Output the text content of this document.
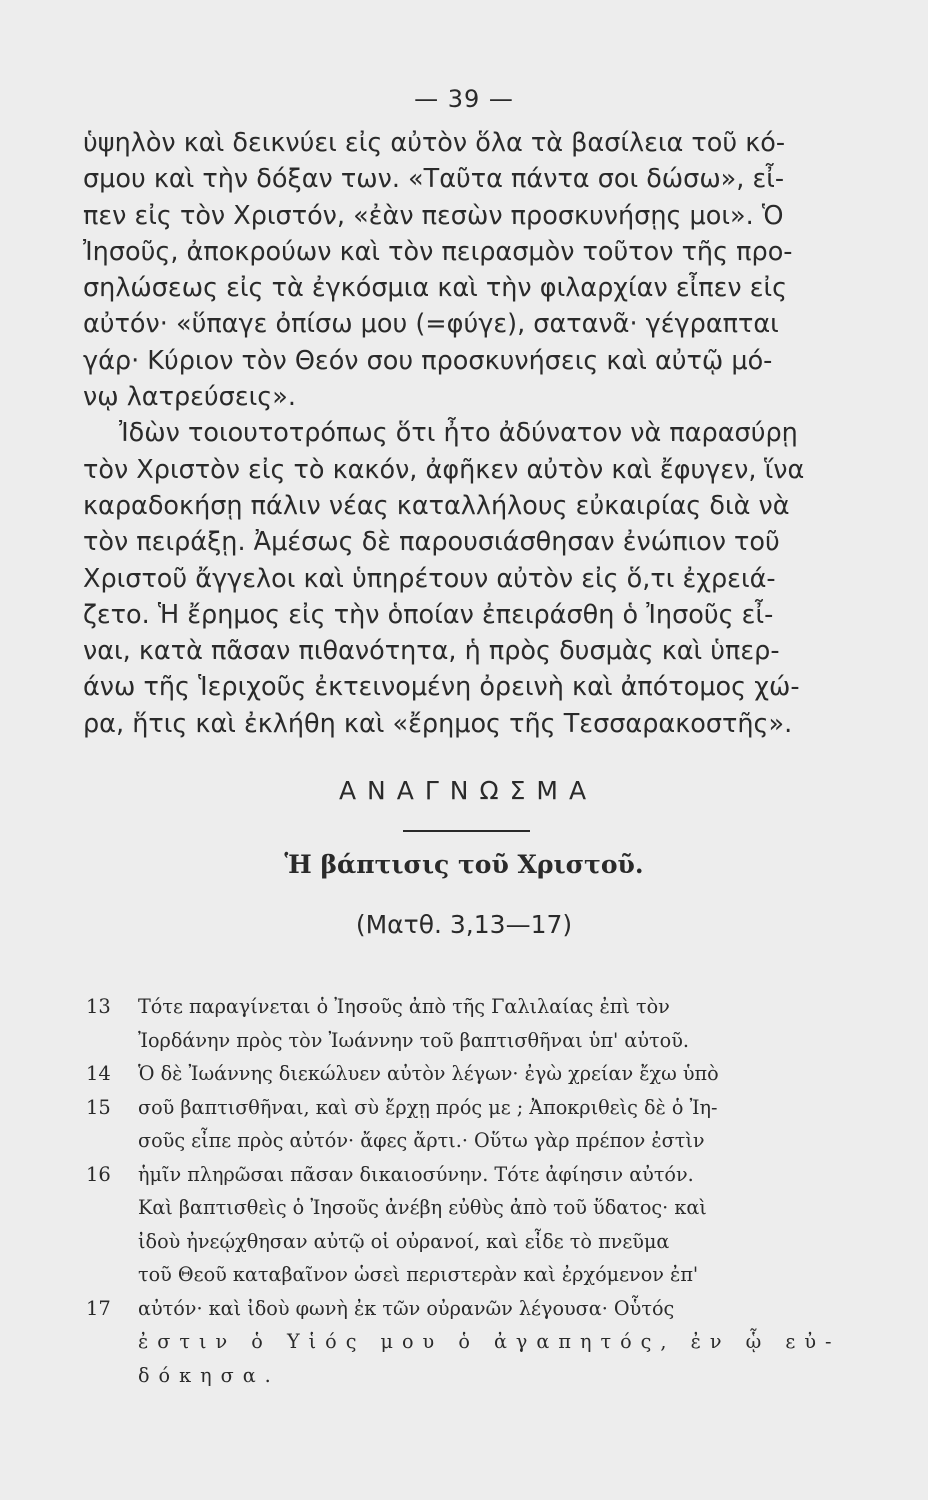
— 39 —
ὑψηλὸν καὶ δεικνύει εἰς αὐτὸν ὅλα τὰ βασίλεια τοῦ κό-
σμου καὶ τὴν δόξαν των. «Ταῦτα πάντα σοι δώσω», εἶ-
πεν εἰς τὸν Χριστόν, «ἐὰν πεσὼν προσκυνήσῃς μοι». Ὁ
Ἰησοῦς, ἀποκρούων καὶ τὸν πειρασμὸν τοῦτον τῆς προ-
σηλώσεως εἰς τὰ ἐγκόσμια καὶ τὴν φιλαρχίαν εἶπεν εἰς
αὐτόν· «ὕπαγε ὀπίσω μου (=φύγε), σατανᾶ· γέγραπται
γάρ· Κύριον τὸν Θεόν σου προσκυνήσεις καὶ αὐτῷ μό-
νῳ λατρεύσεις».
Ἰδὼν τοιουτοτρόπως ὅτι ἦτο ἀδύνατον νὰ παρασύρῃ
τὸν Χριστὸν εἰς τὸ κακόν, ἀφῆκεν αὐτὸν καὶ ἔφυγεν, ἵνα
καραδοκήσῃ πάλιν νέας καταλλήλους εὐκαιρίας διὰ νὰ
τὸν πειράξῃ. Ἀμέσως δὲ παρουσιάσθησαν ἐνώπιον τοῦ
Χριστοῦ ἄγγελοι καὶ ὑπηρέτουν αὐτὸν εἰς ὅ,τι ἐχρειά-
ζετο. Ἡ ἔρημος εἰς τὴν ὁποίαν ἐπειράσθη ὁ Ἰησοῦς εἶ-
ναι, κατὰ πᾶσαν πιθανότητα, ἡ πρὸς δυσμὰς καὶ ὑπερ-
άνω τῆς Ἱεριχοῦς ἐκτεινομένη ὀρεινὴ καὶ ἀπότομος χώ-
ρα, ἥτις καὶ ἐκλήθη καὶ «ἔρημος τῆς Τεσσαρακοστῆς».
ΑΝΑΓΝΩΣΜΑ
Ἡ βάπτισις τοῦ Χριστοῦ.
(Ματθ. 3,13—17)
13	Τότε παραγίνεται ὁ Ἰησοῦς ἀπὸ τῆς Γαλιλαίας ἐπὶ τὸν
Ἰορδάνην πρὸς τὸν Ἰωάννην τοῦ βαπτισθῆναι ὑπ' αὐτοῦ.
14	Ὁ δὲ Ἰωάννης διεκώλυεν αὐτὸν λέγων· ἐγὼ χρείαν ἔχω ὑπὸ
15	σοῦ βαπτισθῆναι, καὶ σὺ ἔρχῃ πρός με ; Ἀποκριθεὶς δὲ ὁ Ἰη-
σοῦς εἶπε πρὸς αὐτόν· ἄφες ἄρτι.· Οὕτω γὰρ πρέπον ἐστὶν
16	ἡμῖν πληρῶσαι πᾶσαν δικαιοσύνην. Τότε ἀφίησιν αὐτόν.
Καὶ βαπτισθεὶς ὁ Ἰησοῦς ἀνέβη εὐθὺς ἀπὸ τοῦ ὕδατος· καὶ
ἰδοὺ ἠνεῴχθησαν αὐτῷ οἱ οὐρανοί, καὶ εἶδε τὸ πνεῦμα
τοῦ Θεοῦ καταβαῖνον ὡσεὶ περιστερὰν καὶ ἐρχόμενον ἐπ'
17	αὐτόν· καὶ ἰδοὺ φωνὴ ἐκ τῶν οὐρανῶν λέγουσα· Οὗτός
ἐστιν ὁ Υἱός μου ὁ ἀγαπητός, ἐν ᾧ εὐ-
δόκησα.
